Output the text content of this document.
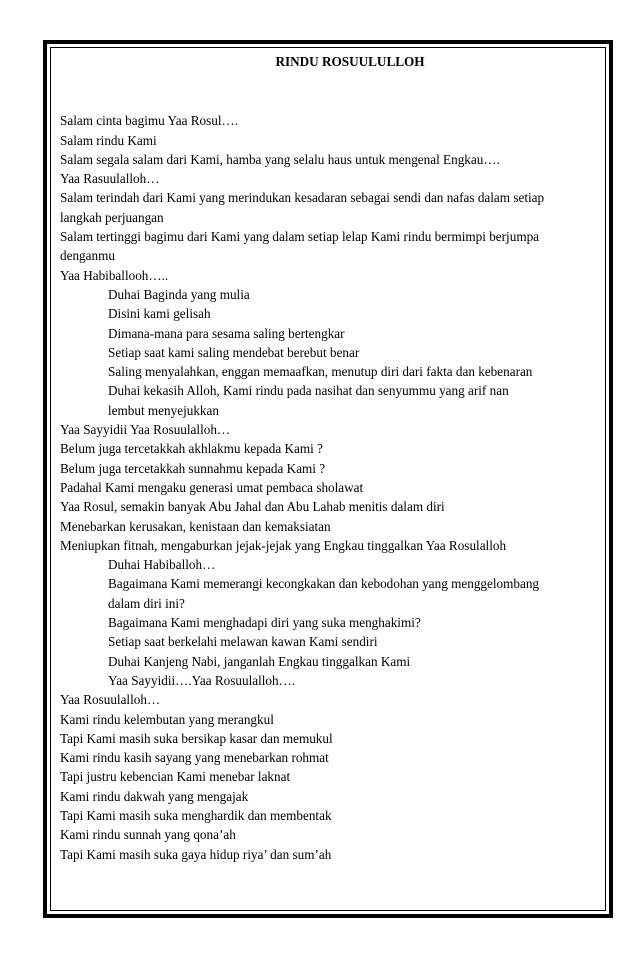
RINDU ROSUULULLOH

Salam cinta bagimu Yaa Rosul….

Salam rindu Kami

Salam segala salam dari Kami, hamba yang selalu haus untuk mengenal Engkau….

Yaa Rasuulalloh…

Salam terindah dari Kami yang merindukan kesadaran sebagai sendi dan nafas dalam setiap

langkah perjuangan

Salam tertinggi bagimu dari Kami yang dalam setiap lelap Kami rindu bermimpi berjumpa

denganmu

Yaa Habiballooh…..

Duhai Baginda yang mulia

Disini kami gelisah

Dimana-mana para sesama saling bertengkar

Setiap saat kami saling mendebat berebut benar

Saling menyalahkan, enggan memaafkan, menutup diri dari fakta dan kebenaran

Duhai kekasih Alloh, Kami rindu pada nasihat dan senyummu yang arif nan

lembut menyejukkan

Yaa Sayyidii Yaa Rosuulalloh…

Belum juga tercetakkah akhlakmu kepada Kami ?

Belum juga tercetakkah sunnahmu kepada Kami ?

Padahal Kami mengaku generasi umat pembaca sholawat

Yaa Rosul, semakin banyak Abu Jahal dan Abu Lahab menitis dalam diri

Menebarkan kerusakan, kenistaan dan kemaksiatan

Meniupkan fitnah, mengaburkan jejak-jejak yang Engkau tinggalkan Yaa Rosulalloh

Duhai Habiballoh…

Bagaimana Kami memerangi kecongkakan dan kebodohan yang menggelombang

dalam diri ini?

Bagaimana Kami menghadapi diri yang suka menghakimi?

Setiap saat berkelahi melawan kawan Kami sendiri

Duhai Kanjeng Nabi, janganlah Engkau tinggalkan Kami

Yaa Sayyidii….Yaa Rosuulalloh….

Yaa Rosuulalloh…

Kami rindu kelembutan yang merangkul

Tapi Kami masih suka bersikap kasar dan memukul

Kami rindu kasih sayang yang menebarkan rohmat

Tapi justru kebencian Kami menebar laknat

Kami rindu dakwah yang mengajak

Tapi Kami masih suka menghardik dan membentak

Kami rindu sunnah yang qona’ah

Tapi Kami masih suka gaya hidup riya’ dan sum’ah
